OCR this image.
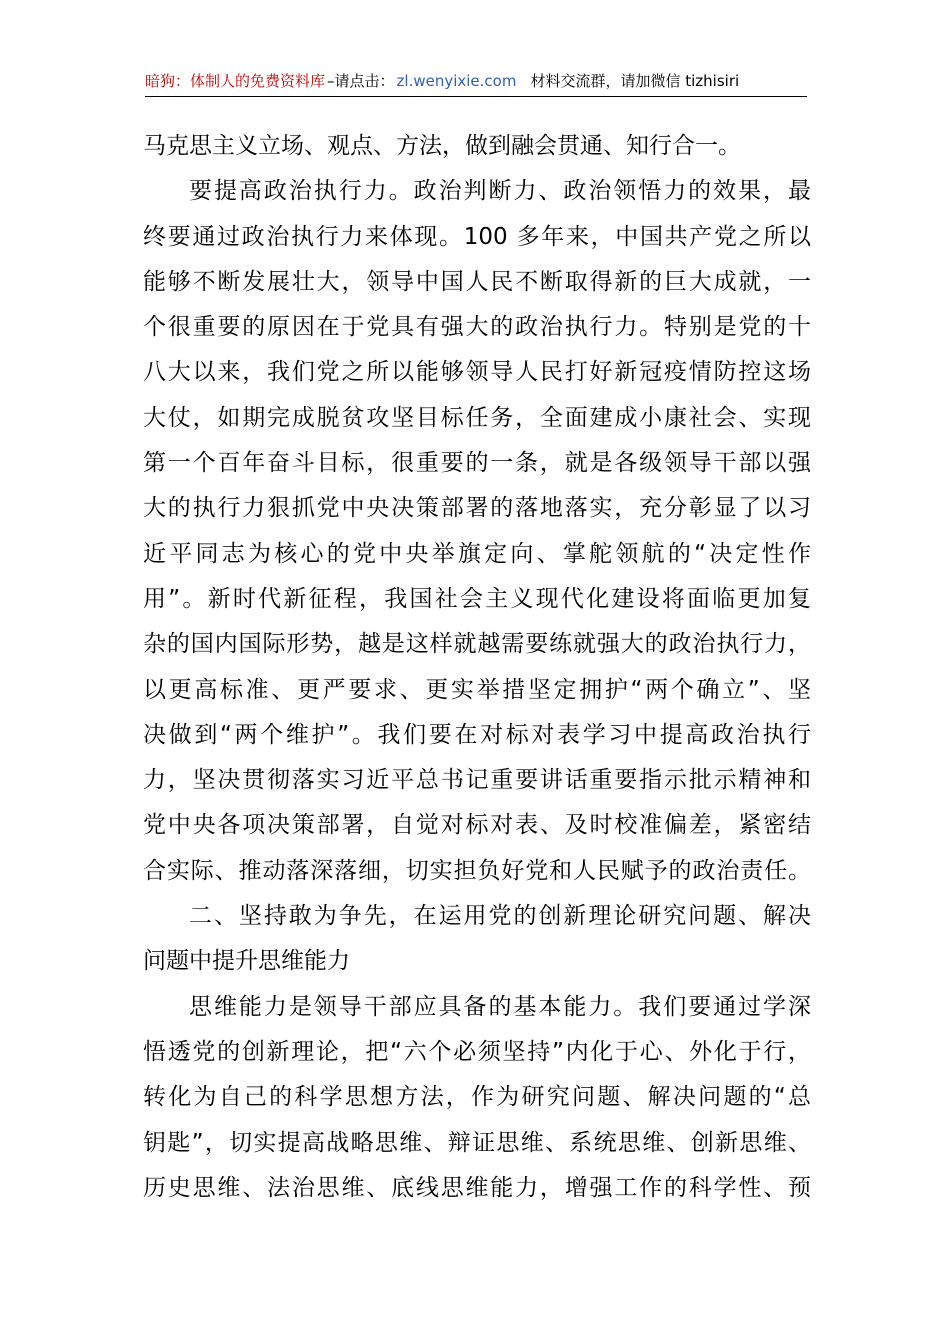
暗狗：体制人的免费资料库 –请点击： zl.wenyixie.com 材料交流群，请加微信 tizhisiri
马克思主义立场、观点、方法，做到融会贯通、知行合一。
要提高政治执行力。政治判断力、政治领悟力的效果，最
终要通过政治执行力来体现。100 多年来，中国共产党之所以
能够不断发展壮大，领导中国人民不断取得新的巨大成就，一
个很重要的原因在于党具有强大的政治执行力。特别是党的十
八大以来，我们党之所以能够领导人民打好新冠疫情防控这场
大仗，如期完成脱贫攻坚目标任务，全面建成小康社会、实现
第一个百年奋斗目标，很重要的一条，就是各级领导干部以强
大的执行力狠抓党中央决策部署的落地落实，充分彰显了以习
近平同志为核心的党中央举旗定向、掌舵领航的“决定性作
用”。新时代新征程，我国社会主义现代化建设将面临更加复
杂的国内国际形势，越是这样就越需要练就强大的政治执行力，
以更高标准、更严要求、更实举措坚定拥护“两个确立”、坚
决做到“两个维护”。我们要在对标对表学习中提高政治执行
力，坚决贯彻落实习近平总书记重要讲话重要指示批示精神和
党中央各项决策部署，自觉对标对表、及时校准偏差，紧密结
合实际、推动落深落细，切实担负好党和人民赋予的政治责任。
二、坚持敢为争先，在运用党的创新理论研究问题、解决
问题中提升思维能力
思维能力是领导干部应具备的基本能力。我们要通过学深
悟透党的创新理论，把“六个必须坚持”内化于心、外化于行，
转化为自己的科学思想方法，作为研究问题、解决问题的“总
钥匙”，切实提高战略思维、辩证思维、系统思维、创新思维、
历史思维、法治思维、底线思维能力，增强工作的科学性、预
